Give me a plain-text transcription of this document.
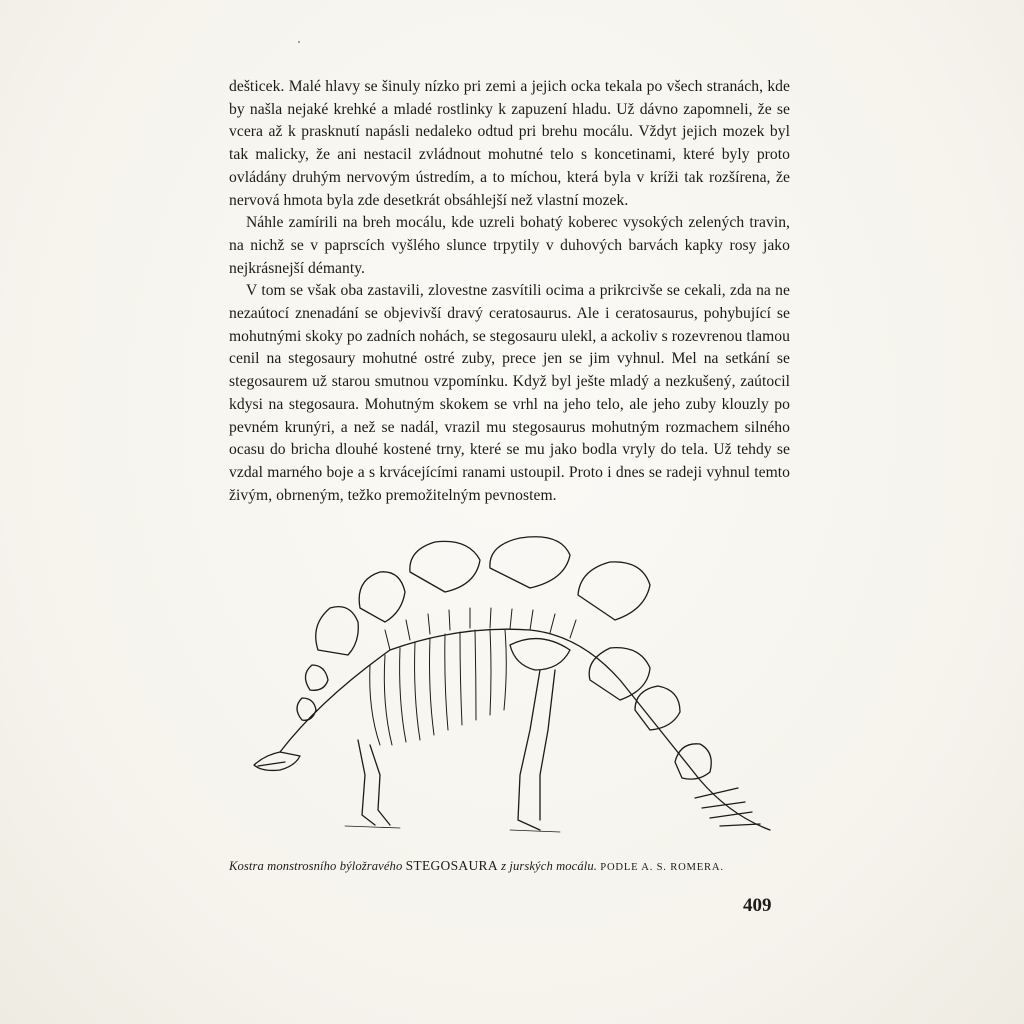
dešticek. Malé hlavy se šinuly nízko pri zemi a jejich ocka tekala po všech stranách, kde by našla nejaké krehké a mladé rostlinky k zapuzení hladu. Už dávno zapomneli, že se vcera až k prasknutí napásli nedaleko odtud pri brehu mocálu. Vždyt jejich mozek byl tak malicky, že ani nestacil zvládnout mohutné telo s koncetinami, které byly proto ovládány druhým nervovým ústredím, a to míchou, která byla v kríži tak rozšírena, že nervová hmota byla zde desetkrát obsáhlejší než vlastní mozek.

Náhle zamírili na breh mocálu, kde uzreli bohatý koberec vysokých zelených travin, na nichž se v paprscích vyšlého slunce trpytily v duhových barvách kapky rosy jako nejkrásnejší démanty.

V tom se však oba zastavili, zlovestne zasvítili ocima a prikrcivše se cekali, zda na ne nezaútocí znenadání se objevivší dravý ceratosaurus. Ale i ceratosaurus, pohybující se mohutnými skoky po zadních nohách, se stegosauru ulekl, a ackoliv s rozevrenou tlamou cenil na stegosaury mohutné ostré zuby, prece jen se jim vyhnul. Mel na setkání se stegosaurem už starou smutnou vzpomínku. Když byl ješte mladý a nezkušený, zaútocil kdysi na stegosaura. Mohutným skokem se vrhl na jeho telo, ale jeho zuby klouzly po pevném krunýri, a než se nadál, vrazil mu stegosaurus mohutným rozmachem silného ocasu do bricha dlouhé kostené trny, které se mu jako bodla vryly do tela. Už tehdy se vzdal marného boje a s krvácejícími ranami ustoupil. Proto i dnes se radeji vyhnul temto živým, obrneným, težko premožitelným pevnostem.

Kostra monstrosního býložravého STEGOSAURA z jurských mocálu. PODLE A. S. ROMERA.
409
